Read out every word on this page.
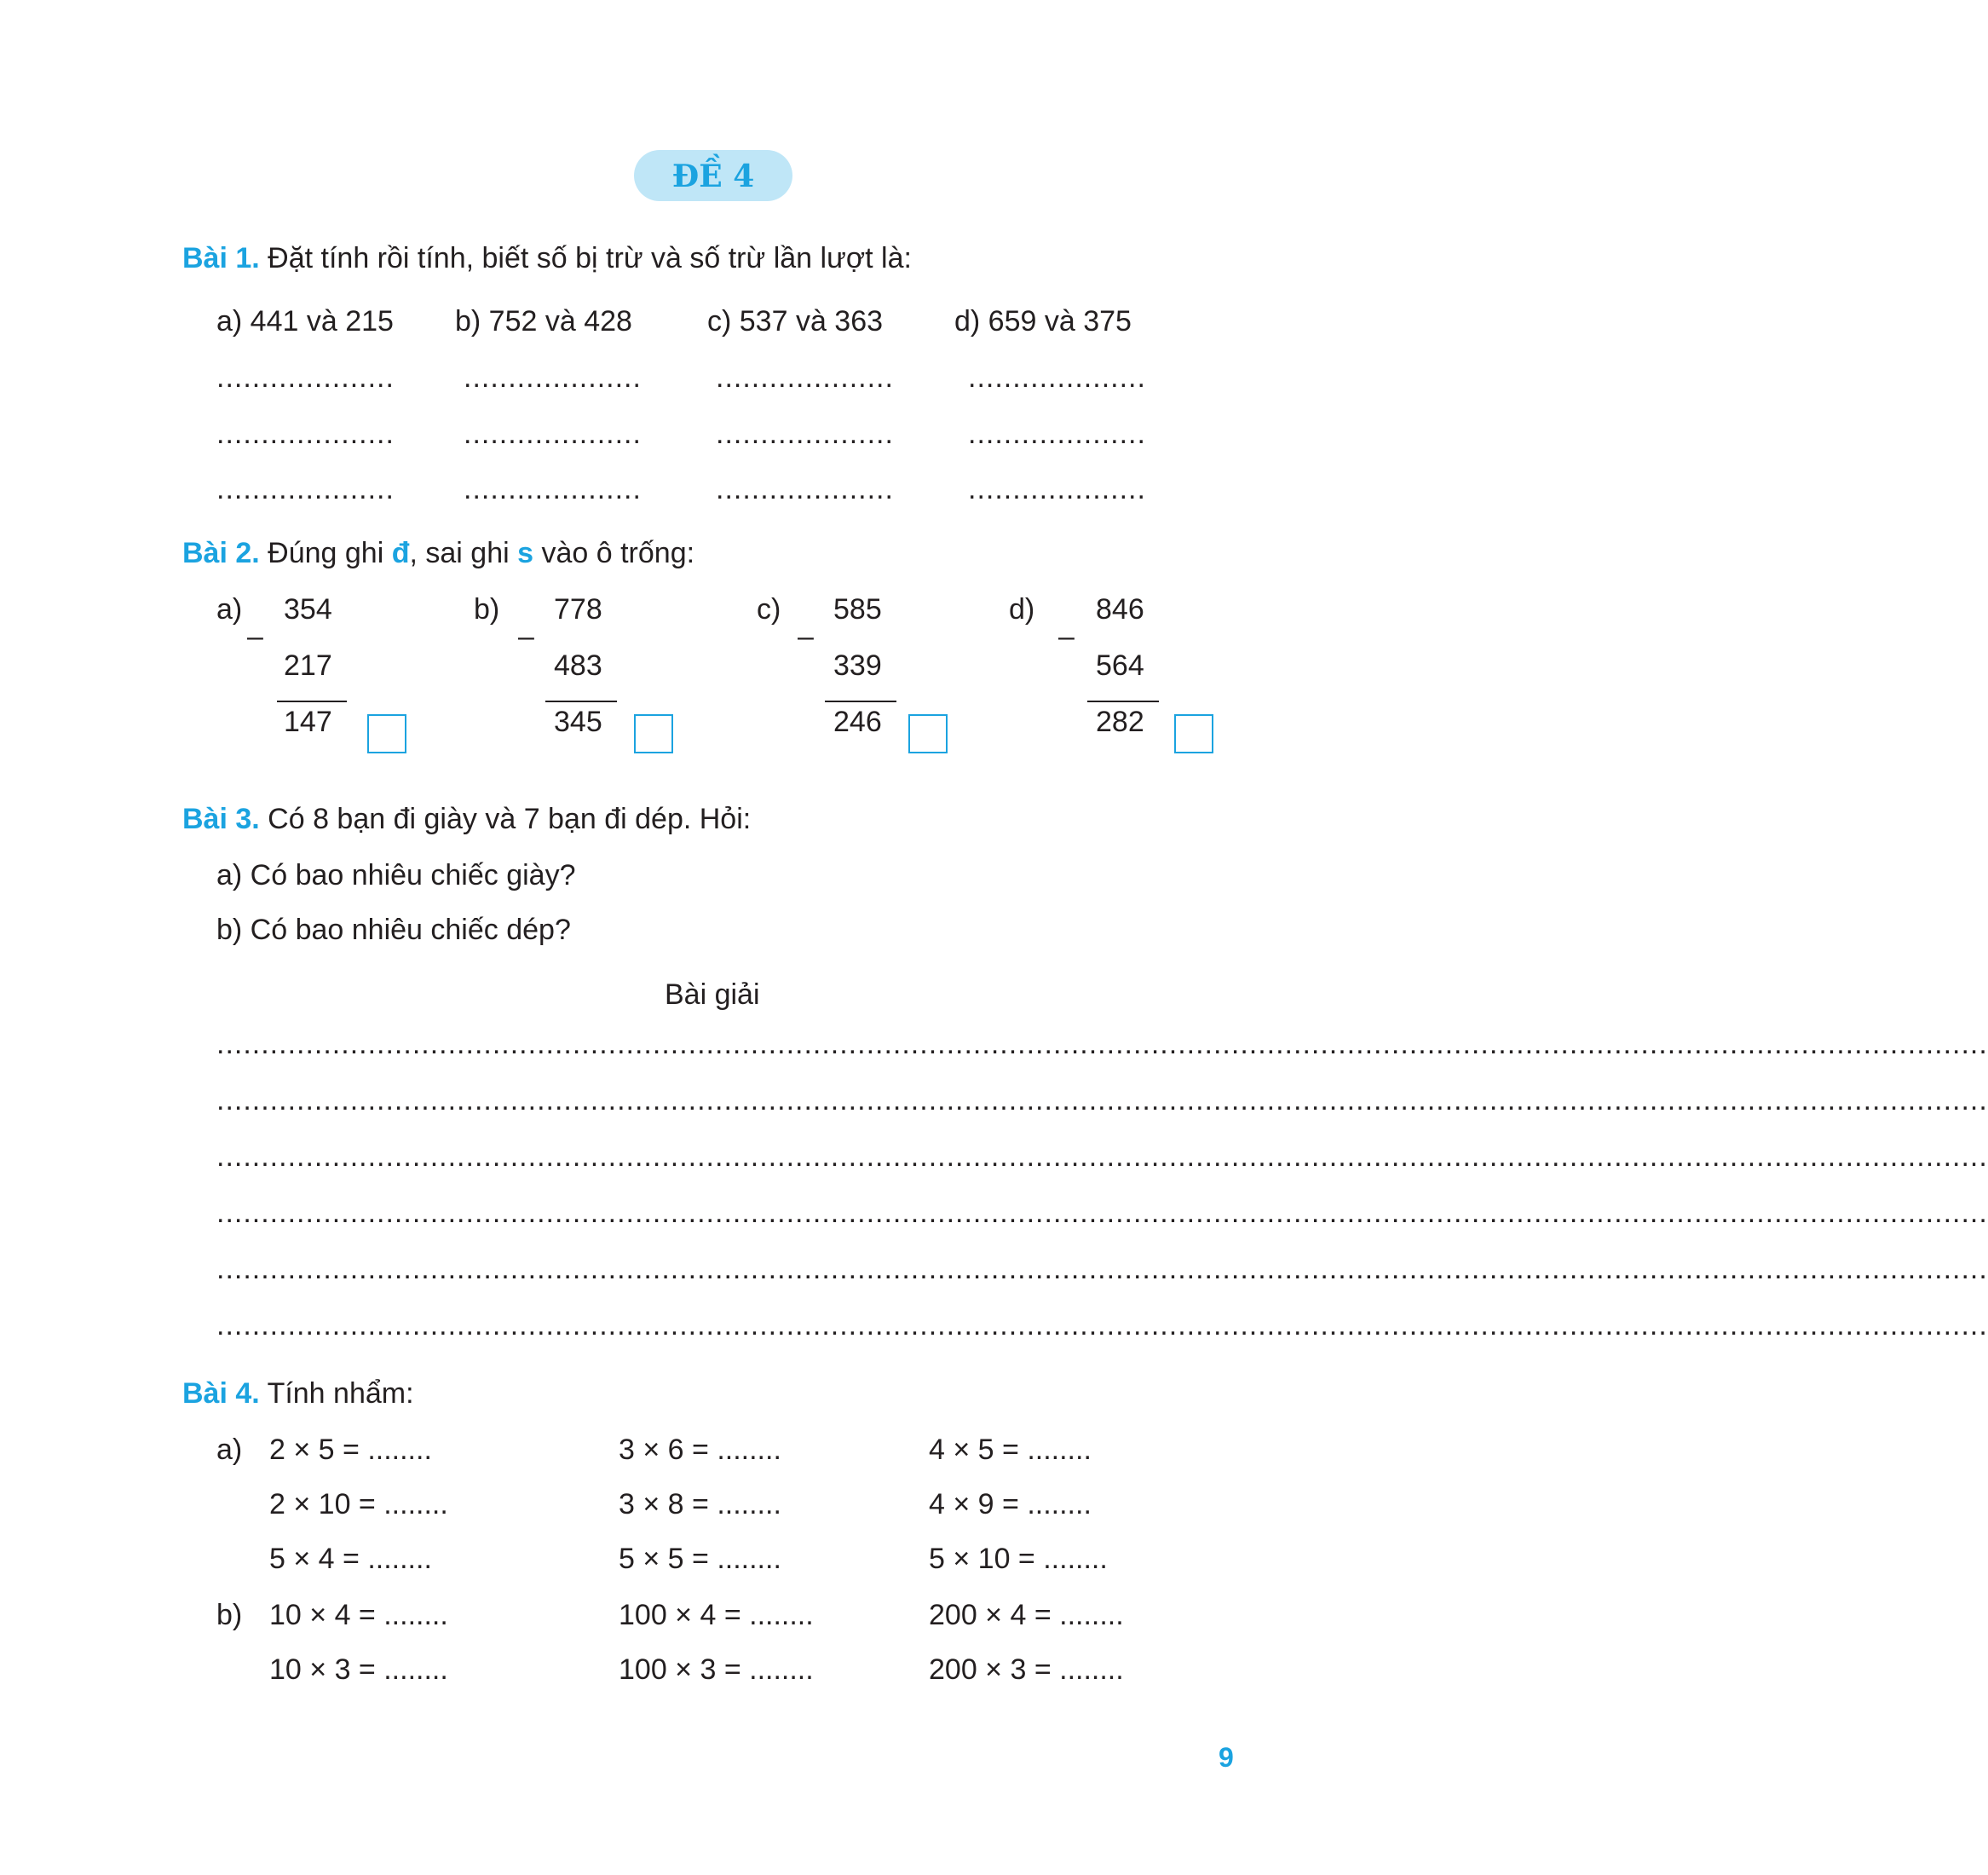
ĐỀ 4
Bài 1. Đặt tính rồi tính, biết số bị trừ và số trừ lần lượt là:
a) 441 và 215 b) 752 và 428	c) 537 và 363 d) 659 và 375
.................... ....................	....................	....................
.................... ....................	....................	....................
.................... ....................	....................	....................
Bài 2. Đúng ghi đ, sai ghi s vào ô trống:
a) 354
–
217
147
b) 778
–
483
345
c) 585
–
339
246
d) 846
–
564
282
Bài 3. Có 8 bạn đi giày và 7 bạn đi dép. Hỏi:
a) Có bao nhiêu chiếc giày?
b) Có bao nhiêu chiếc dép?
Bài giải
.......................................................................................................................................................................................................
.......................................................................................................................................................................................................
.......................................................................................................................................................................................................
.......................................................................................................................................................................................................
.......................................................................................................................................................................................................
.......................................................................................................................................................................................................
Bài 4. Tính nhẩm:
a)
b)
2 × 5 = ........	3 × 6 = ........	4 × 5 = ........
2 × 10 = ........	3 × 8 = ........	4 × 9 = ........
5 × 4 = ........	5 × 5 = ........	5 × 10 = ........
10 × 4 = ........	100 × 4 = ........	200 × 4 = ........
10 × 3 = ........	100 × 3 = ........	200 × 3 = ........
9
